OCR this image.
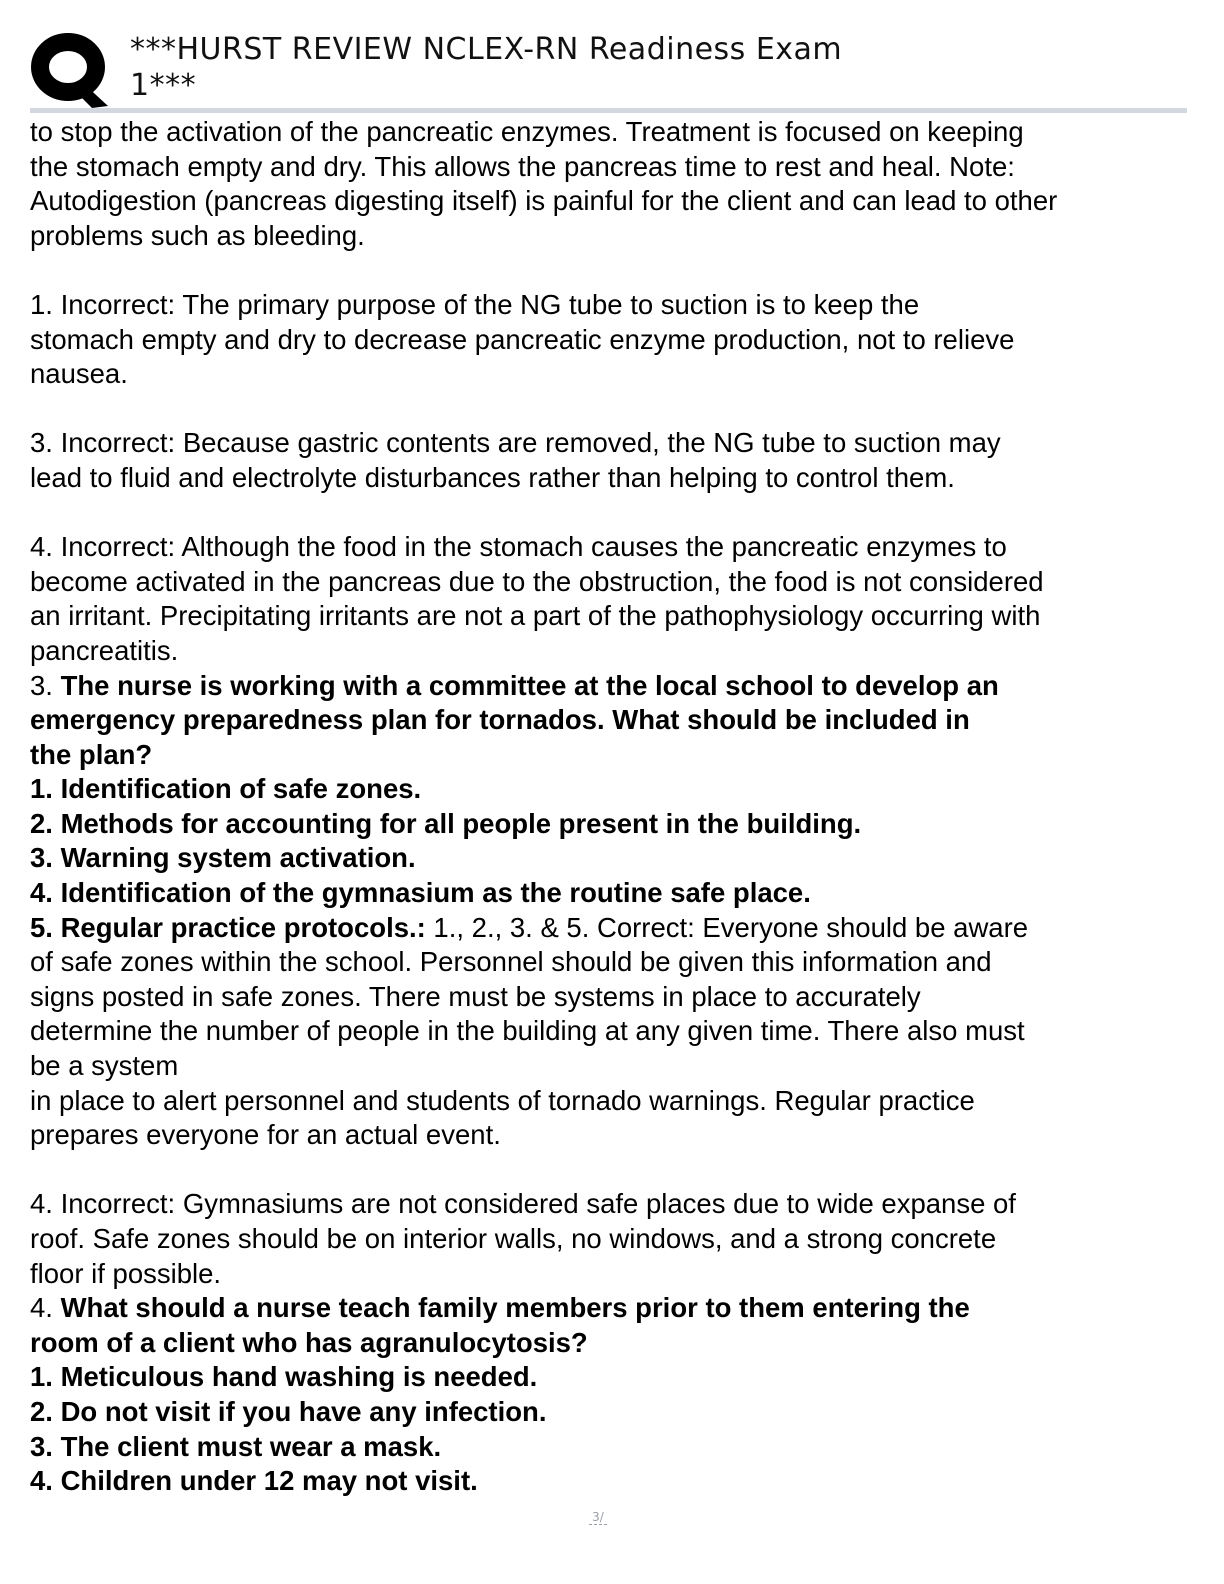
***HURST REVIEW NCLEX-RN Readiness Exam
1***

to stop the activation of the pancreatic enzymes. Treatment is focused on keeping

the stomach empty and dry. This allows the pancreas time to rest and heal. Note:

Autodigestion (pancreas digesting itself) is painful for the client and can lead to other

problems such as bleeding.

1. Incorrect: The primary purpose of the NG tube to suction is to keep the

stomach empty and dry to decrease pancreatic enzyme production, not to relieve

nausea.

3. Incorrect: Because gastric contents are removed, the NG tube to suction may

lead to fluid and electrolyte disturbances rather than helping to control them.

4. Incorrect: Although the food in the stomach causes the pancreatic enzymes to

become activated in the pancreas due to the obstruction, the food is not considered

an irritant. Precipitating irritants are not a part of the pathophysiology occurring with

pancreatitis.

3. The nurse is working with a committee at the local school to develop an

emergency preparedness plan for tornados. What should be included in

the plan?

1. Identification of safe zones.

2. Methods for accounting for all people present in the building.

3. Warning system activation.

4. Identification of the gymnasium as the routine safe place.

5. Regular practice protocols.: 1., 2., 3. & 5. Correct: Everyone should be aware

of safe zones within the school. Personnel should be given this information and

signs posted in safe zones. There must be systems in place to accurately

determine the number of people in the building at any given time. There also must

be a system

in place to alert personnel and students of tornado warnings. Regular practice

prepares everyone for an actual event.

4. Incorrect: Gymnasiums are not considered safe places due to wide expanse of

roof. Safe zones should be on interior walls, no windows, and a strong concrete

floor if possible.

4. What should a nurse teach family members prior to them entering the

room of a client who has agranulocytosis?

1. Meticulous hand washing is needed.

2. Do not visit if you have any infection.

3. The client must wear a mask.

4. Children under 12 may not visit.

3/
